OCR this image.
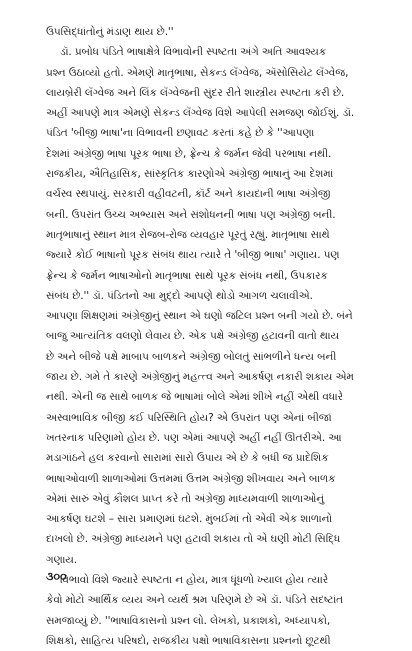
ઉપસિદ્ધાંતોનું મંડાણ થાય છે.''
ડૉ. પ્રબોધ પંડિતે ભાષાક્ષેત્રે વિભાવોની સ્પષ્ટતા અંગે અતિ આવશ્યક
પ્રશ્ન ઉઠાવ્યો હતો. એમણે માતૃભાષા, સેકન્ડ લૅંગ્વેજ, ઍસોસિયેટ લૅંગ્વેજ,
લાયબ્રેરી લૅંગ્વેજ અને લિંક લૅંગ્વેજની સુંદર રીતે શાસ્ત્રીય સ્પષ્ટતા કરી છે.
અહીં આપણે માત્ર એમણે સેકન્ડ લૅંગ્વેજ વિશે આપેલી સમજણ જોઈશું. ડૉ.
પંડિત 'બીજી ભાષા'ના વિભાવની છણાવટ કરતાં કહે છે કે ''આપણા
દેશમાં અંગ્રેજી ભાષા પૂરક ભાષા છે, ફ્રેન્ચ કે જર્મન જેવી પરભાષા નથી.
રાજકીય, ઐતિહાસિક, સાંસ્કૃતિક કારણોએ અંગ્રેજી ભાષાનું આ દેશમાં
વર્ચસ્વ સ્થપાયું. સરકારી વહીવટની, કૉર્ટ અને કાયદાની ભાષા અંગ્રેજી
બની. ઉપરાંત ઉચ્ચ અભ્યાસ અને સંશોધનની ભાષા પણ અંગ્રેજી બની.
માતૃભાષાનું સ્થાન માત્ર રોજબ-રોજ વ્યવહાર પૂરતું રહ્યું. માતૃભાષા સાથે
જ્યારે કોઈ ભાષાનો પૂરક સંબંધ થાય ત્યારે તે 'બીજી ભાષા' ગણાય. પણ
ફ્રેન્ચ કે જર્મન ભાષાઓનો માતૃભાષા સાથે પૂરક સંબંધ નથી, ઉપકારક
સંબંધ છે.'' ડૉ. પંડિતનો આ મુદ્દો આપણે થોડો આગળ ચલાવીએ.
આપણા શિક્ષણમાં અંગ્રેજીનું સ્થાન એ ઘણો જટિલ પ્રશ્ન બની ગયો છે. બંને
બાજુ આત્યંતિક વલણો લેવાય છે. એક પક્ષે અંગ્રેજી હટાવની વાતો થાય
છે અને બીજે પક્ષે માબાપ બાળકને અંગ્રેજી બોલતું સાંભળીને ધન્ય બની
જાય છે. ગમે તે કારણે અંગ્રેજીનું મહત્ત્વ અને આકર્ષણ નકારી શકાય એમ
નથી. એની જ સાથે બાળક જે ભાષામાં બોલે એમાં શીખે નહીં એથી વધારે
અસ્વાભાવિક બીજી કઈ પરિસ્થિતિ હોય? એ ઉપરાંત પણ એનાં બીજાં
ખતરનાક પરિણામો હોય છે. પણ એમાં આપણે અહીં નહીં ઊતરીએ. આ
મડાગાંઠને હલ કરવાનો સારામાં સારો ઉપાય એ છે કે બધી જ પ્રાદેશિક
ભાષાઓવાળી શાળાઓમાં ઉત્તમમાં ઉત્તમ અંગ્રેજી શીખવાય અને બાળક
એમાં સારું એવું કૌશલ પ્રાપ્ત કરે તો અંગ્રેજી માધ્યમવાળી શાળાઓનું
આકર્ષણ ઘટશે – સારા પ્રમાણમાં ઘટશે. મુંબઈમાં તો એવી એક શાળાનો
દાખલો છે. અંગ્રેજી માધ્યમને પણ હટાવી શકાય તો એ ઘણી મોટી સિદ્ધિ
ગણાય.
વિભાવો વિશે જ્યારે સ્પષ્ટતા ન હોય, માત્ર ધૂંધળો ખ્યાલ હોય ત્યારે
કેવો મોટો આર્થિક વ્યય અને વ્યર્થ શ્રમ પરિણમે છે એ ડૉ. પંડિતે સદષ્ટાંત
સમજાવ્યું છે. ''ભાષાવિકાસનો પ્રશ્ન લો. લેખકો, પ્રકાશકો, અધ્યાપકો,
શિક્ષકો, સાહિત્ય પરિષદો, રાજકીય પક્ષો ભાષાવિકાસના પ્રશ્નનો છૂટથી
૩૦૦
